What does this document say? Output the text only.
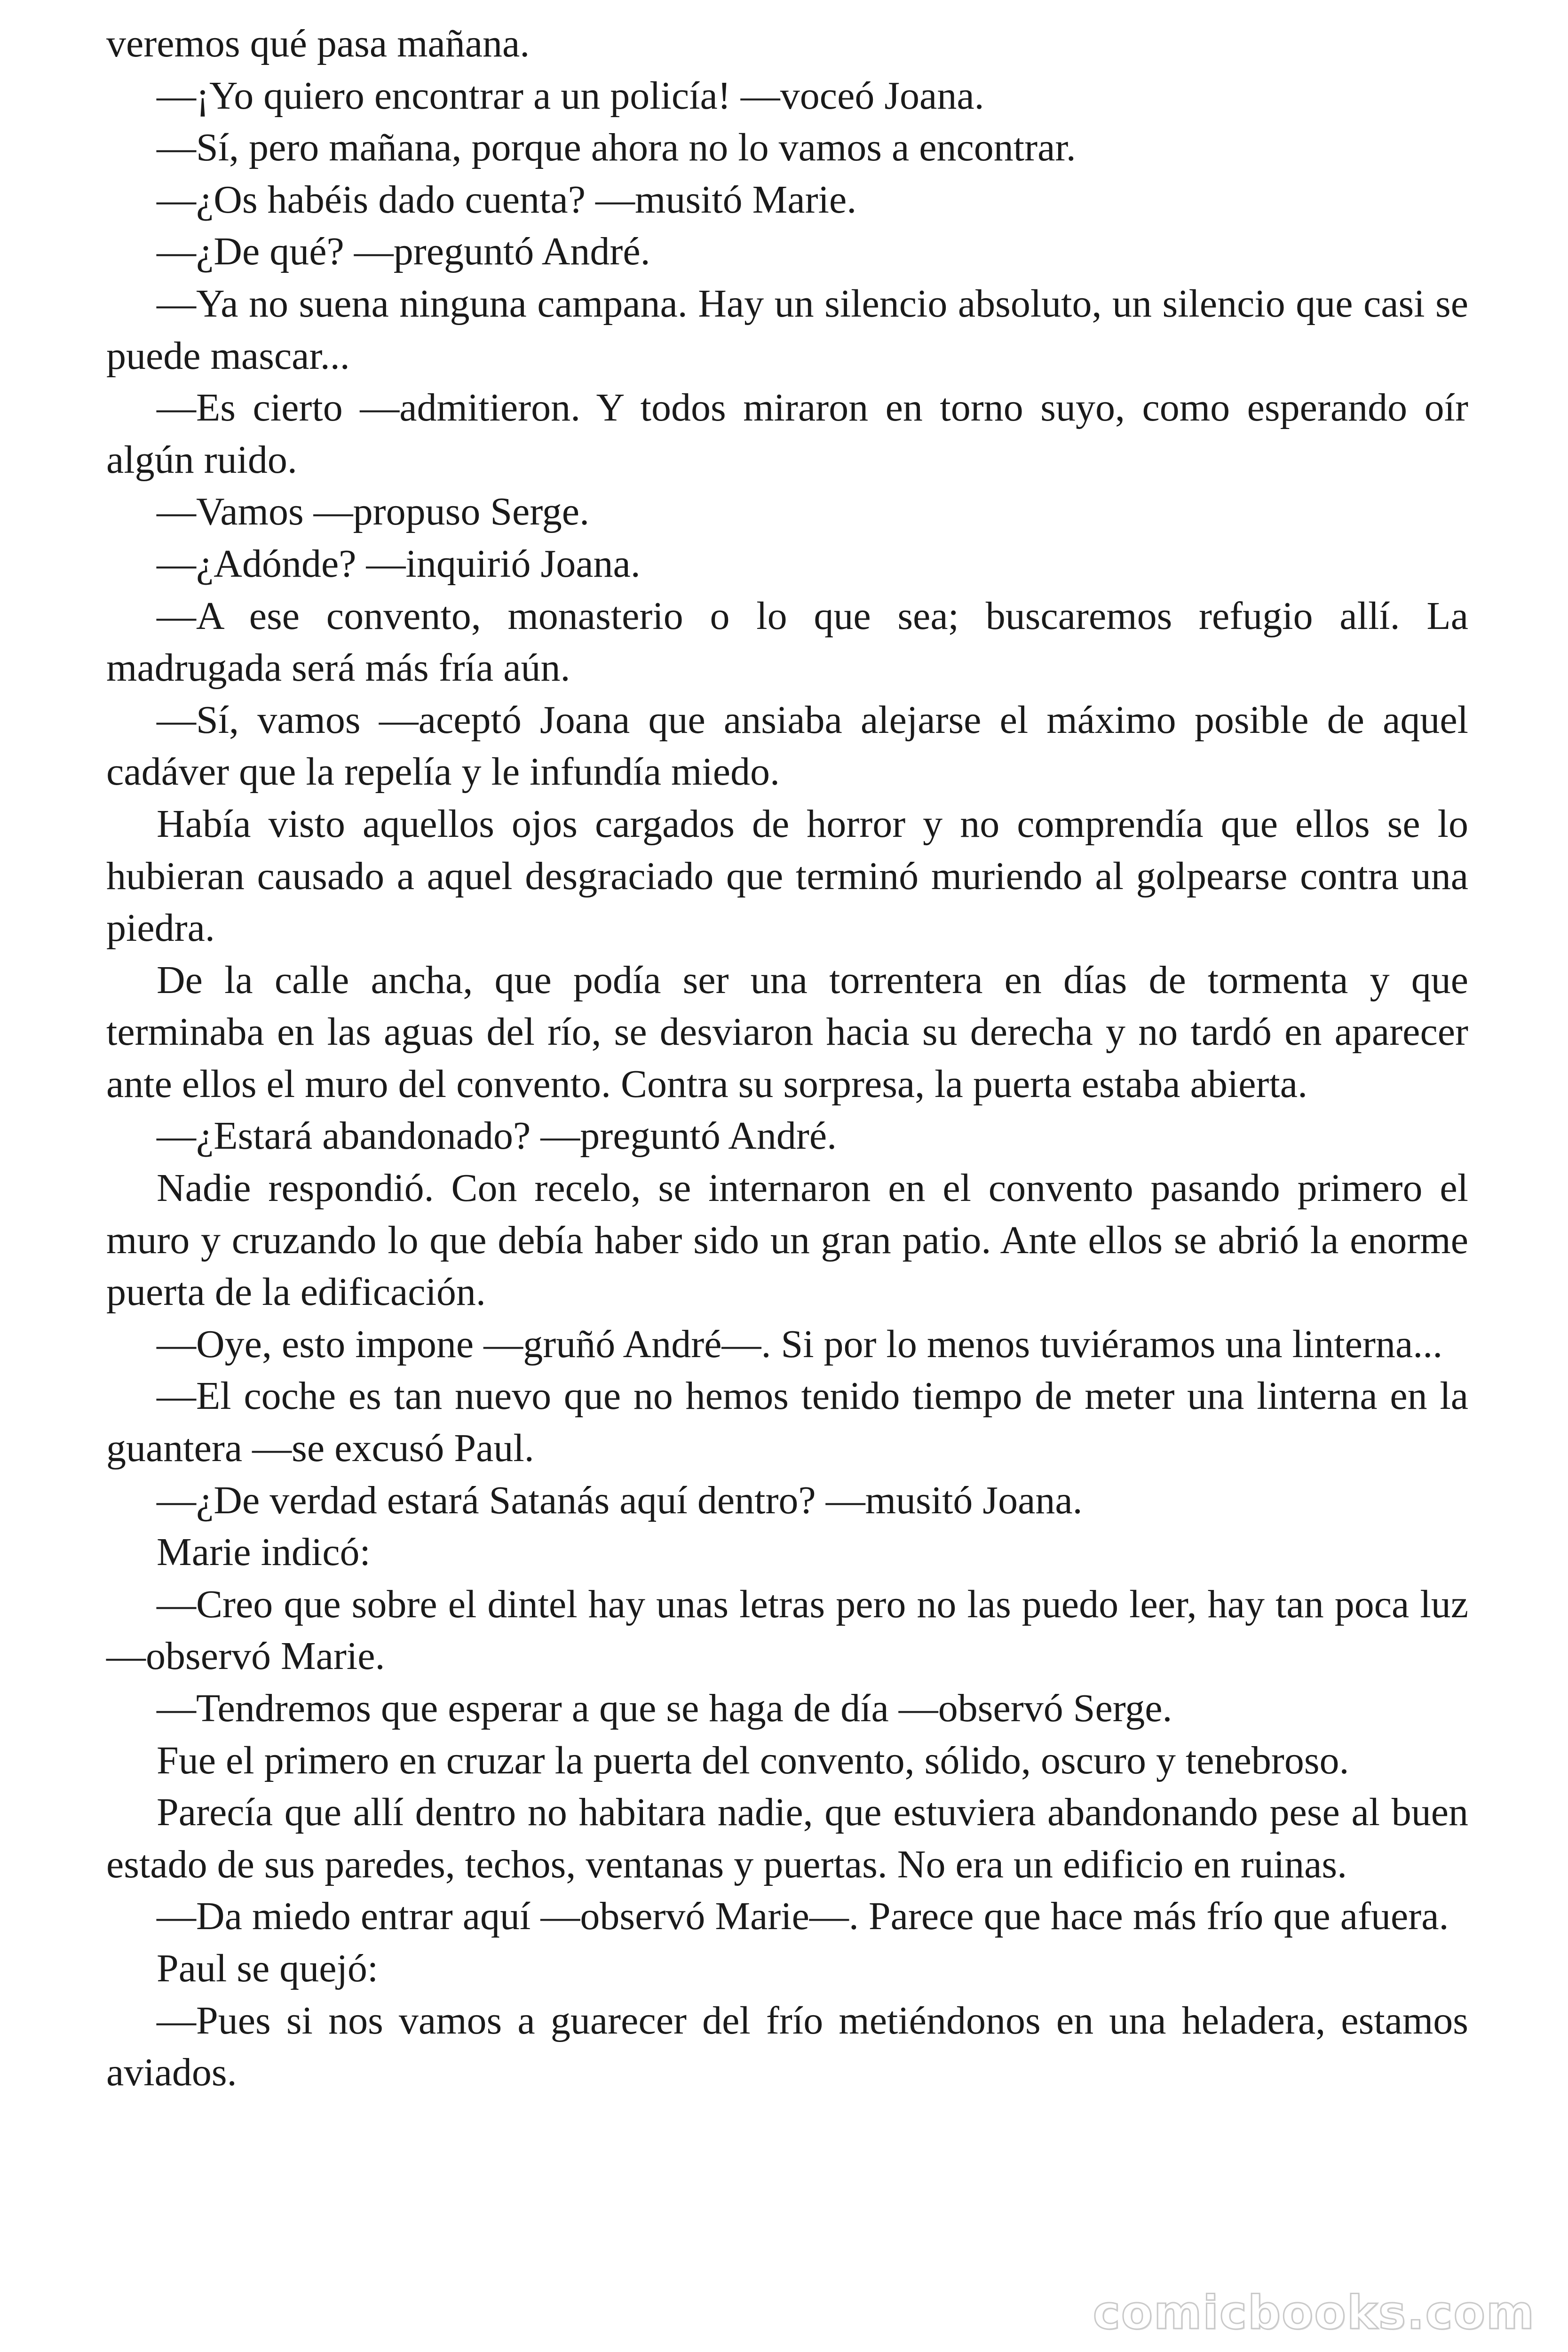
veremos qué pasa mañana.

—¡Yo quiero encontrar a un policía! —voceó Joana.

—Sí, pero mañana, porque ahora no lo vamos a encontrar.

—¿Os habéis dado cuenta? —musitó Marie.

—¿De qué? —preguntó André.

—Ya no suena ninguna campana. Hay un silencio absoluto, un silencio que casi se puede mascar...

—Es cierto —admitieron. Y todos miraron en torno suyo, como esperando oír algún ruido.

—Vamos —propuso Serge.

—¿Adónde? —inquirió Joana.

—A ese convento, monasterio o lo que sea; buscaremos refugio allí. La madrugada será más fría aún.

—Sí, vamos —aceptó Joana que ansiaba alejarse el máximo posible de aquel cadáver que la repelía y le infundía miedo.

Había visto aquellos ojos cargados de horror y no comprendía que ellos se lo hubieran causado a aquel desgraciado que terminó muriendo al golpearse contra una piedra.

De la calle ancha, que podía ser una torrentera en días de tormenta y que terminaba en las aguas del río, se desviaron hacia su derecha y no tardó en aparecer ante ellos el muro del convento. Contra su sorpresa, la puerta estaba abierta.

—¿Estará abandonado? —preguntó André.

Nadie respondió. Con recelo, se internaron en el convento pasando primero el muro y cruzando lo que debía haber sido un gran patio. Ante ellos se abrió la enorme puerta de la edificación.

—Oye, esto impone —gruñó André—. Si por lo menos tuviéramos una linterna...

—El coche es tan nuevo que no hemos tenido tiempo de meter una linterna en la guantera —se excusó Paul.

—¿De verdad estará Satanás aquí dentro? —musitó Joana.

Marie indicó:

—Creo que sobre el dintel hay unas letras pero no las puedo leer, hay tan poca luz —observó Marie.

—Tendremos que esperar a que se haga de día —observó Serge.

Fue el primero en cruzar la puerta del convento, sólido, oscuro y tenebroso.

Parecía que allí dentro no habitara nadie, que estuviera abandonando pese al buen estado de sus paredes, techos, ventanas y puertas. No era un edificio en ruinas.

—Da miedo entrar aquí —observó Marie—. Parece que hace más frío que afuera.

Paul se quejó:

—Pues si nos vamos a guarecer del frío metiéndonos en una heladera, estamos aviados.

comicbooks.com
